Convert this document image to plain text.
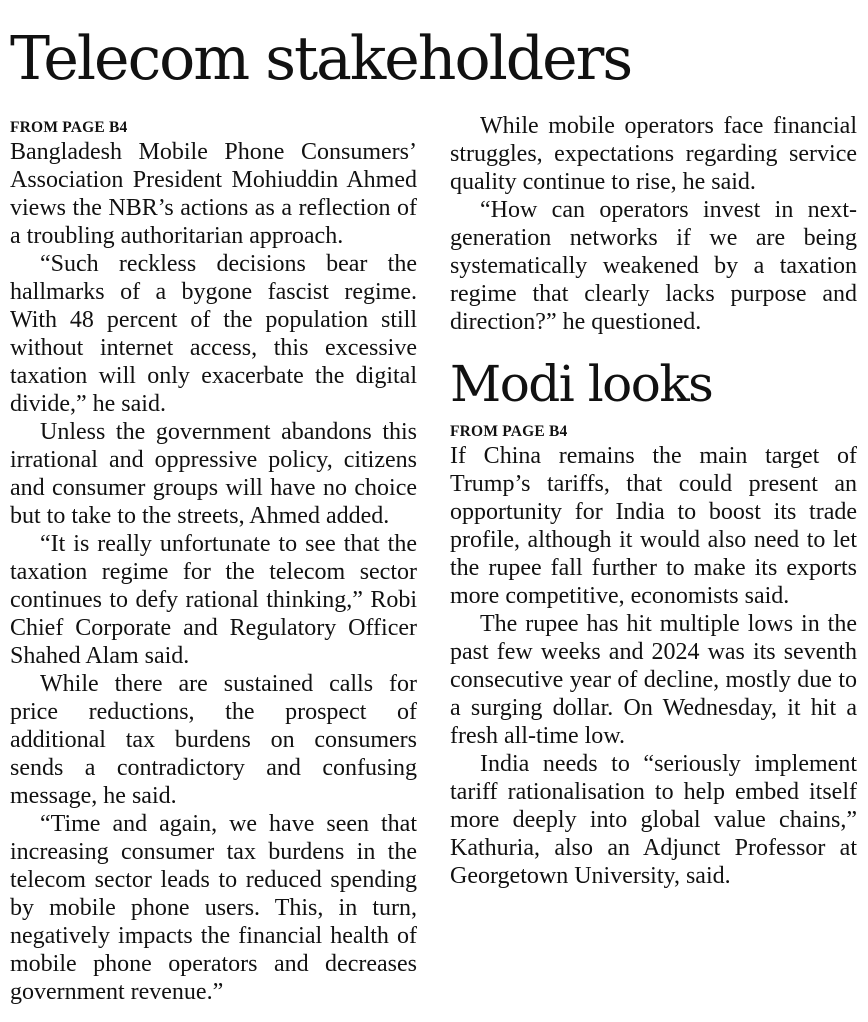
Telecom stakeholders
FROM PAGE B4

Bangladesh Mobile Phone Consumers’ Association President Mohiuddin Ahmed views the NBR’s actions as a reflection of a troubling authoritarian approach.

“Such reckless decisions bear the hallmarks of a bygone fascist regime. With 48 percent of the population still without internet access, this excessive taxation will only exacerbate the digital divide,” he said.

Unless the government abandons this irrational and oppressive policy, citizens and consumer groups will have no choice but to take to the streets, Ahmed added.

“It is really unfortunate to see that the taxation regime for the telecom sector continues to defy rational thinking,” Robi Chief Corporate and Regulatory Officer Shahed Alam said.

While there are sustained calls for price reductions, the prospect of additional tax burdens on consumers sends a contradictory and confusing message, he said.

“Time and again, we have seen that increasing consumer tax burdens in the telecom sector leads to reduced spending by mobile phone users. This, in turn, negatively impacts the financial health of mobile phone operators and decreases government revenue.”

While mobile operators face financial struggles, expectations regarding service quality continue to rise, he said.

“How can operators invest in next-generation networks if we are being systematically weakened by a taxation regime that clearly lacks purpose and direction?” he questioned.

Modi looks
FROM PAGE B4

If China remains the main target of Trump’s tariffs, that could present an opportunity for India to boost its trade profile, although it would also need to let the rupee fall further to make its exports more competitive, economists said.

The rupee has hit multiple lows in the past few weeks and 2024 was its seventh consecutive year of decline, mostly due to a surging dollar. On Wednesday, it hit a fresh all-time low.

India needs to “seriously implement tariff rationalisation to help embed itself more deeply into global value chains,” Kathuria, also an Adjunct Professor at Georgetown University, said.
